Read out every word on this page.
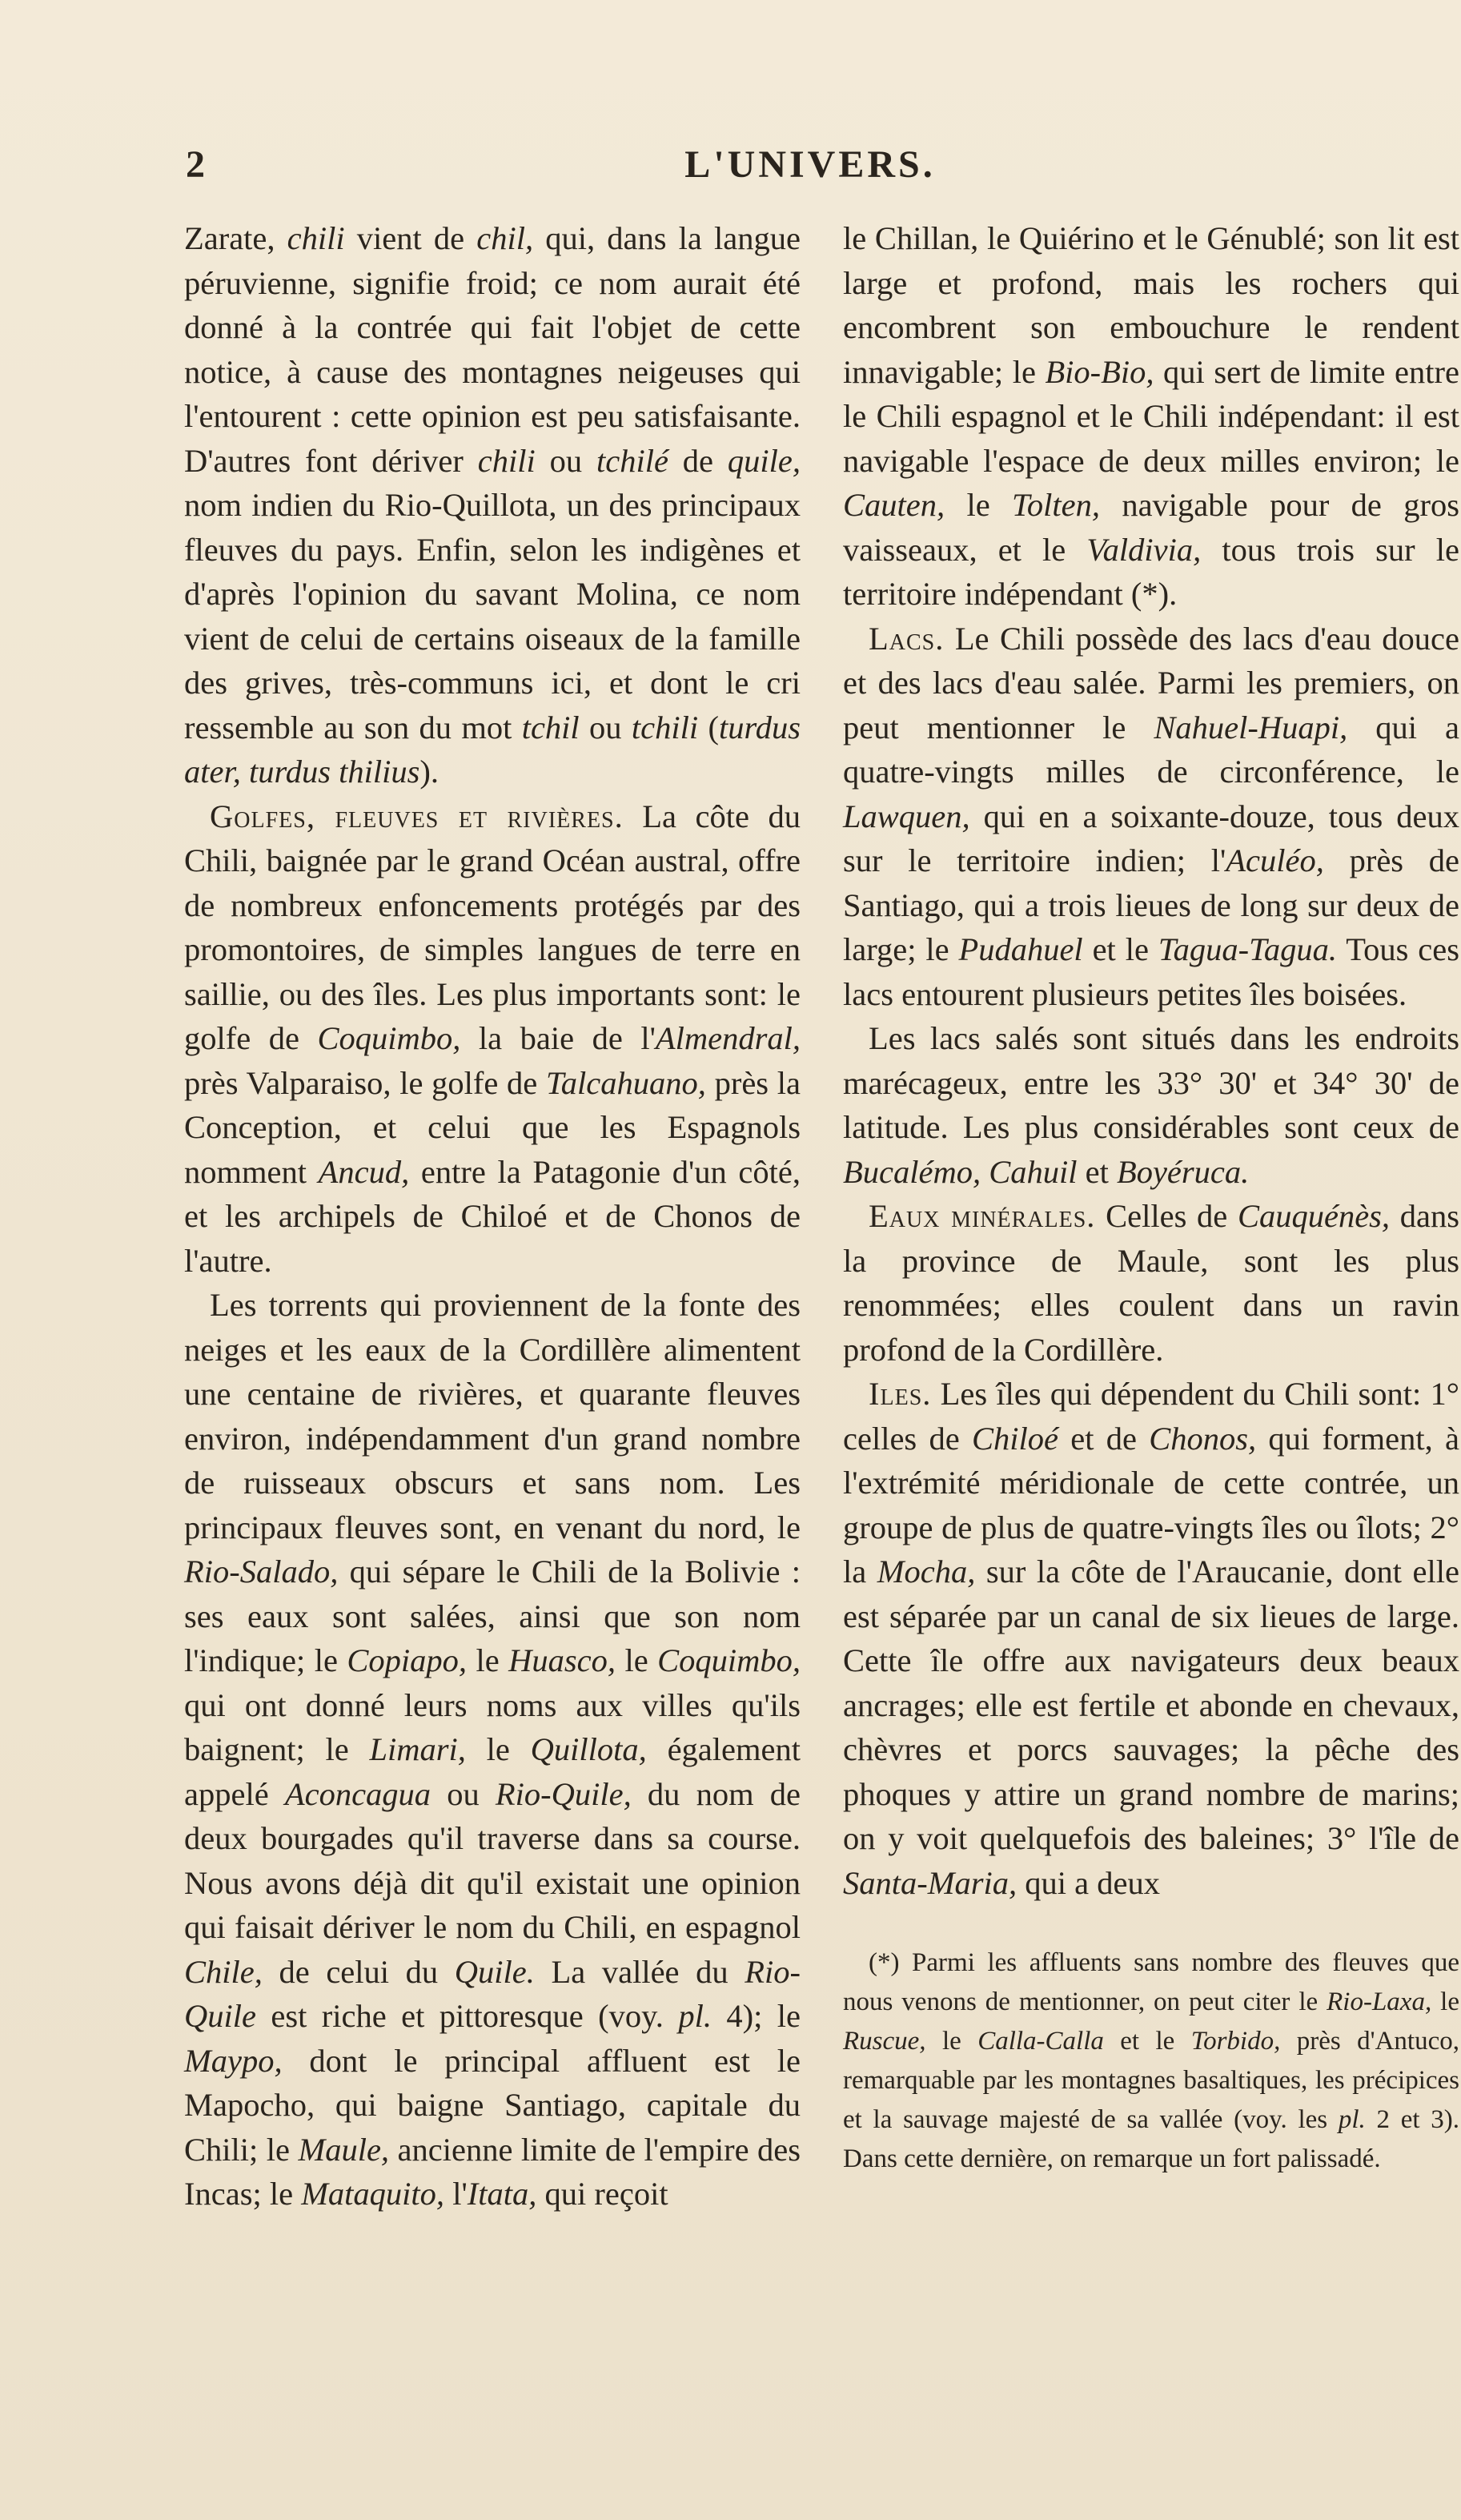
2	L'UNIVERS.

Zarate, chili vient de chil, qui, dans la langue péruvienne, signifie froid; ce nom aurait été donné à la contrée qui fait l'objet de cette notice, à cause des montagnes neigeuses qui l'entourent : cette opinion est peu satisfaisante. D'autres font dériver chili ou tchilé de quile, nom indien du Rio-Quillota, un des principaux fleuves du pays. Enfin, selon les indigènes et d'après l'opinion du savant Molina, ce nom vient de celui de certains oiseaux de la famille des grives, très-communs ici, et dont le cri ressemble au son du mot tchil ou tchili (turdus ater, turdus thilius).

Golfes, fleuves et rivières. La côte du Chili, baignée par le grand Océan austral, offre de nombreux enfoncements protégés par des promontoires, de simples langues de terre en saillie, ou des îles. Les plus importants sont: le golfe de Coquimbo, la baie de l'Almendral, près Valparaiso, le golfe de Talcahuano, près la Conception, et celui que les Espagnols nomment Ancud, entre la Patagonie d'un côté, et les archipels de Chiloé et de Chonos de l'autre.

Les torrents qui proviennent de la fonte des neiges et les eaux de la Cordillère alimentent une centaine de rivières, et quarante fleuves environ, indépendamment d'un grand nombre de ruisseaux obscurs et sans nom. Les principaux fleuves sont, en venant du nord, le Rio-Salado, qui sépare le Chili de la Bolivie : ses eaux sont salées, ainsi que son nom l'indique; le Copiapo, le Huasco, le Coquimbo, qui ont donné leurs noms aux villes qu'ils baignent; le Limari, le Quillota, également appelé Aconcagua ou Rio-Quile, du nom de deux bourgades qu'il traverse dans sa course. Nous avons déjà dit qu'il existait une opinion qui faisait dériver le nom du Chili, en espagnol Chile, de celui du Quile. La vallée du Rio-Quile est riche et pittoresque (voy. pl. 4); le Maypo, dont le principal affluent est le Mapocho, qui baigne Santiago, capitale du Chili; le Maule, ancienne limite de l'empire des Incas; le Mataquito, l'Itata, qui reçoit

le Chillan, le Quiérino et le Génublé; son lit est large et profond, mais les rochers qui encombrent son embouchure le rendent innavigable; le Bio-Bio, qui sert de limite entre le Chili espagnol et le Chili indépendant: il est navigable l'espace de deux milles environ; le Cauten, le Tolten, navigable pour de gros vaisseaux, et le Valdivia, tous trois sur le territoire indépendant (*).

Lacs. Le Chili possède des lacs d'eau douce et des lacs d'eau salée. Parmi les premiers, on peut mentionner le Nahuel-Huapi, qui a quatre-vingts milles de circonférence, le Lawquen, qui en a soixante-douze, tous deux sur le territoire indien; l'Aculéo, près de Santiago, qui a trois lieues de long sur deux de large; le Pudahuel et le Tagua-Tagua. Tous ces lacs entourent plusieurs petites îles boisées.

Les lacs salés sont situés dans les endroits marécageux, entre les 33° 30' et 34° 30' de latitude. Les plus considérables sont ceux de Bucalémo, Cahuil et Boyéruca.

Eaux minérales. Celles de Cauquénès, dans la province de Maule, sont les plus renommées; elles coulent dans un ravin profond de la Cordillère.

Iles. Les îles qui dépendent du Chili sont: 1° celles de Chiloé et de Chonos, qui forment, à l'extrémité méridionale de cette contrée, un groupe de plus de quatre-vingts îles ou îlots; 2° la Mocha, sur la côte de l'Araucanie, dont elle est séparée par un canal de six lieues de large. Cette île offre aux navigateurs deux beaux ancrages; elle est fertile et abonde en chevaux, chèvres et porcs sauvages; la pêche des phoques y attire un grand nombre de marins; on y voit quelquefois des baleines; 3° l'île de Santa-Maria, qui a deux

(*) Parmi les affluents sans nombre des fleuves que nous venons de mentionner, on peut citer le Rio-Laxa, le Ruscue, le Calla-Calla et le Torbido, près d'Antuco, remarquable par les montagnes basaltiques, les précipices et la sauvage majesté de sa vallée (voy. les pl. 2 et 3). Dans cette dernière, on remarque un fort palissadé.
